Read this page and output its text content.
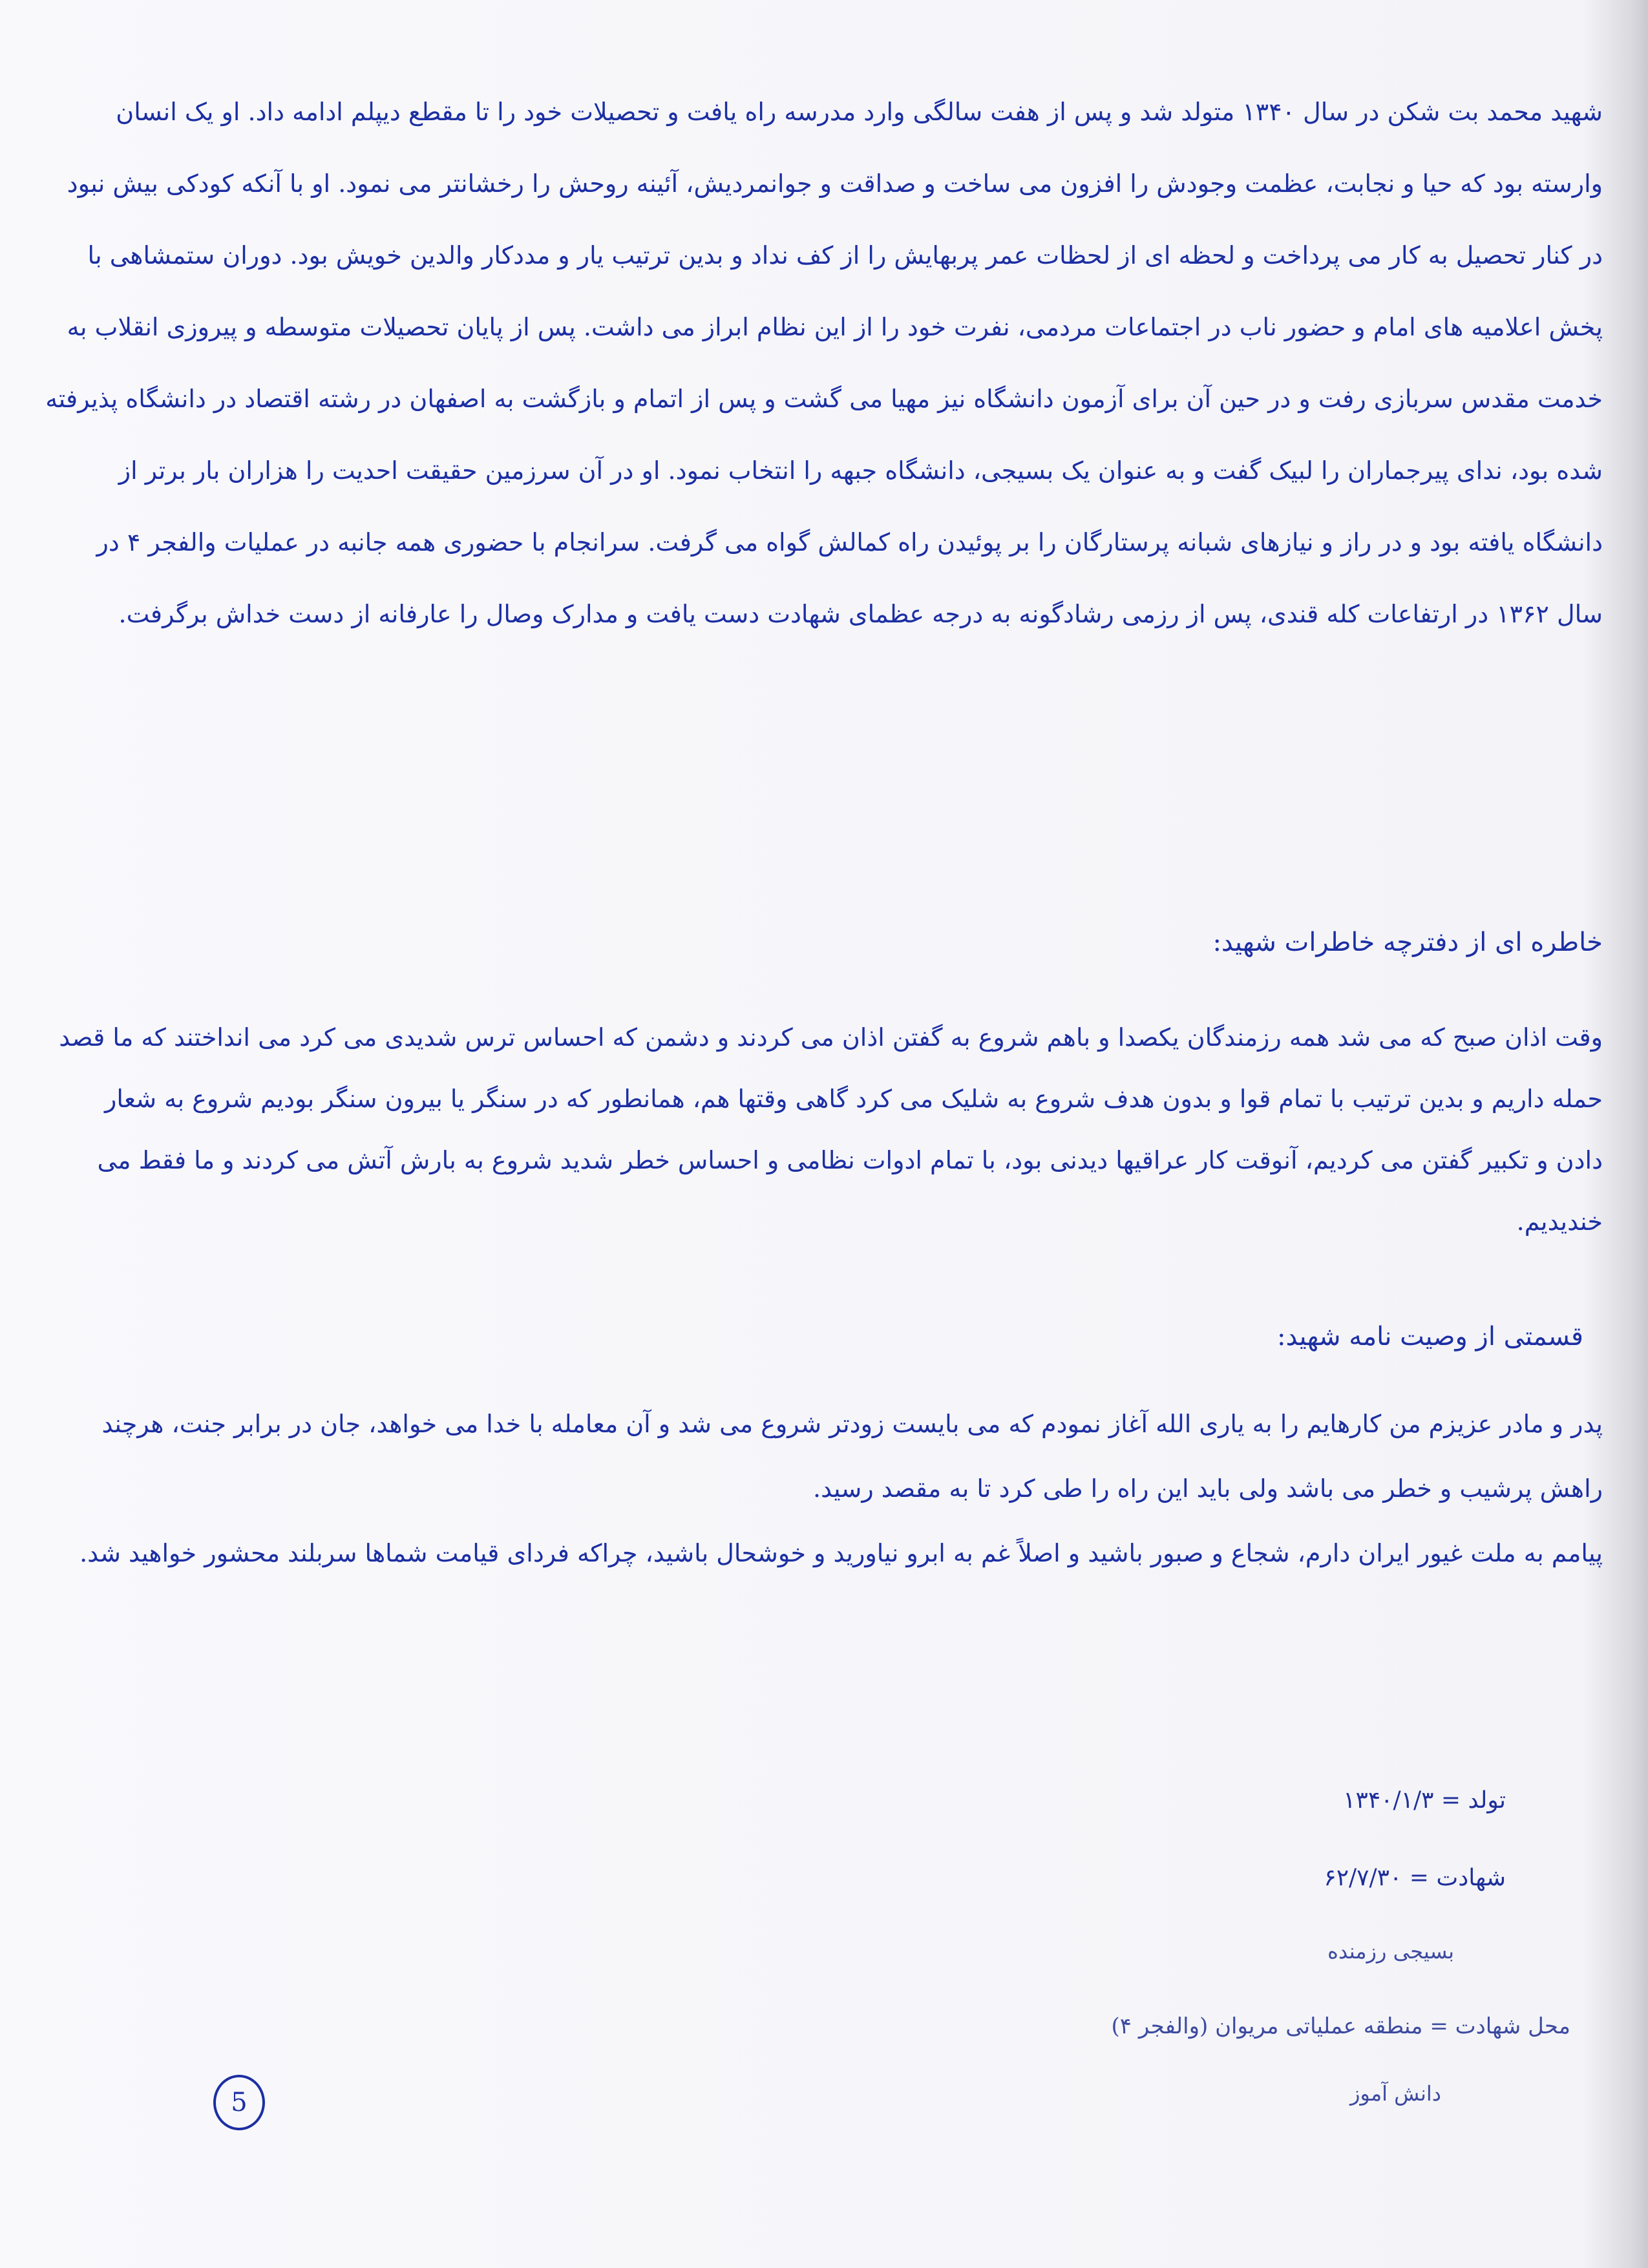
شهید محمد بت شکن در سال ۱۳۴۰ متولد شد و پس از هفت سالگی وارد مدرسه راه یافت و تحصیلات خود را تا مقطع دیپلم ادامه داد. او یک انسان وارسته بود که حیا و نجابت، عظمت وجودش را افزون می ساخت و صداقت و جوانمردیش، آئینه روحش را رخشانتر می نمود. او با آنکه کودکی بیش نبود در کنار تحصیل به کار می پرداخت و لحظه ای از لحظات عمر پربهایش را از کف نداد و بدین ترتیب یار و مددکار والدین خویش بود. دوران ستمشاهی با پخش اعلامیه های امام و حضور ناب در اجتماعات مردمی، نفرت خود را از این نظام ابراز می داشت. پس از پایان تحصیلات متوسطه و پیروزی انقلاب به خدمت مقدس سربازی رفت و در حین آن برای آزمون دانشگاه نیز مهیا می گشت و پس از اتمام و بازگشت به اصفهان در رشته اقتصاد در دانشگاه پذیرفته شده بود، ندای پیرجماران را لبیک گفت و به عنوان یک بسیجی، دانشگاه جبهه را انتخاب نمود. او در آن سرزمین حقیقت احدیت را هزاران بار برتر از دانشگاه یافته بود و در راز و نیازهای شبانه پرستارگان را بر پوئیدن راه کمالش گواه می گرفت. سرانجام با حضوری همه جانبه در عملیات والفجر ۴ در سال ۱۳۶۲ در ارتفاعات کله قندی، پس از رزمی رشادگونه به درجه عظمای شهادت دست یافت و مدارک وصال را عارفانه از دست خداش برگرفت.

خاطره ای از دفترچه خاطرات شهید:

وقت اذان صبح که می شد همه رزمندگان یکصدا و باهم شروع به گفتن اذان می کردند و دشمن که احساس ترس شدیدی می کرد می انداختند که ما قصد حمله داریم و بدین ترتیب با تمام قوا و بدون هدف شروع به شلیک می کرد گاهی وقتها هم، همانطور که در سنگر یا بیرون سنگر بودیم شروع به شعار دادن و تکبیر گفتن می کردیم، آنوقت کار عراقیها دیدنی بود، با تمام ادوات نظامی و احساس خطر شدید شروع به بارش آتش می کردند و ما فقط می خندیدیم.

قسمتی از وصیت نامه شهید:

پدر و مادر عزیزم من کارهایم را به یاری الله آغاز نمودم که می بایست زودتر شروع می شد و آن معامله با خدا می خواهد، جان در برابر جنت، هرچند راهش پرشیب و خطر می باشد ولی باید این راه را طی کرد تا به مقصد رسید.
پیامم به ملت غیور ایران دارم، شجاع و صبور باشید و اصلاً غم به ابرو نیاورید و خوشحال باشید، چراکه فردای قیامت شماها سربلند محشور خواهید شد.

تولد = ۱۳۴۰/۱/۳
شهادت = ۶۲/۷/۳۰
بسیجی رزمنده
محل شهادت = منطقه عملیاتی مریوان (والفجر ۴)
دانش آموز
5
